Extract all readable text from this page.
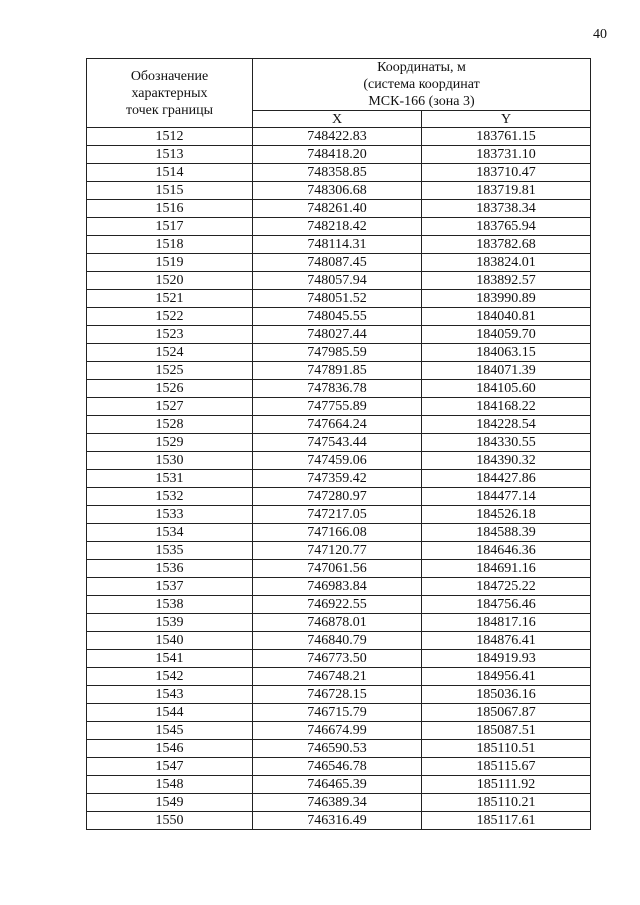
40
Обозначение
характерных
точек границы	Координаты, м
(система координат
МСК-166 (зона 3)	

	X	Y
1512	748422.83	183761.15
1513	748418.20	183731.10
1514	748358.85	183710.47
1515	748306.68	183719.81
1516	748261.40	183738.34
1517	748218.42	183765.94
1518	748114.31	183782.68
1519	748087.45	183824.01
1520	748057.94	183892.57
1521	748051.52	183990.89
1522	748045.55	184040.81
1523	748027.44	184059.70
1524	747985.59	184063.15
1525	747891.85	184071.39
1526	747836.78	184105.60
1527	747755.89	184168.22
1528	747664.24	184228.54
1529	747543.44	184330.55
1530	747459.06	184390.32
1531	747359.42	184427.86
1532	747280.97	184477.14
1533	747217.05	184526.18
1534	747166.08	184588.39
1535	747120.77	184646.36
1536	747061.56	184691.16
1537	746983.84	184725.22
1538	746922.55	184756.46
1539	746878.01	184817.16
1540	746840.79	184876.41
1541	746773.50	184919.93
1542	746748.21	184956.41
1543	746728.15	185036.16
1544	746715.79	185067.87
1545	746674.99	185087.51
1546	746590.53	185110.51
1547	746546.78	185115.67
1548	746465.39	185111.92
1549	746389.34	185110.21
1550	746316.49	185117.61
